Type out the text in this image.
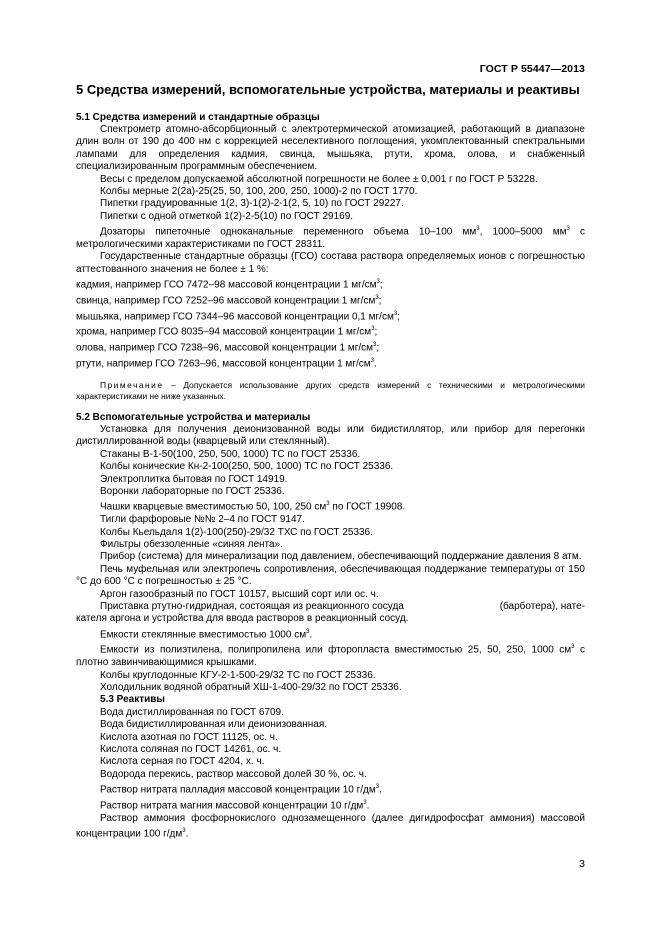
ГОСТ Р 55447—2013
5 Средства измерений, вспомогательные устройства, материалы и реактивы
5.1 Средства измерений и стандартные образцы
Спектрометр атомно-абсорбционный с электротермической атомизацией, работающий в диапазоне длин волн от 190 до 400 нм с коррекцией неселективного поглощения, укомплектованный спектральными лампами для определения кадмия, свинца, мышьяка, ртути, хрома, олова, и снабженный специализированным программным обеспечением.
Весы с пределом допускаемой абсолютной погрешности не более ± 0,001 г по ГОСТ Р 53228.
Колбы мерные 2(2а)-25(25, 50, 100, 200, 250, 1000)-2 по ГОСТ 1770.
Пипетки градуированные 1(2, 3)-1(2)-2-1(2, 5, 10) по ГОСТ 29227.
Пипетки с одной отметкой 1(2)-2-5(10) по ГОСТ 29169.
Дозаторы пипеточные одноканальные переменного объема 10–100 $мм^3$, 1000–5000 $мм^3$ с метрологическими характеристиками по ГОСТ 28311.
Государственные стандартные образцы (ГСО) состава раствора определяемых ионов с погрешностью аттестованного значения не более ± 1 %:
кадмия, например ГСО 7472–98 массовой концентрации 1 $мг/см^3$;
свинца, например ГСО 7252–96 массовой концентрации 1 $мг/см^3$;
мышьяка, например ГСО 7344–96 массовой концентрации 0,1 $мг/см^3$;
хрома, например ГСО 8035–94 массовой концентрации 1 $мг/см^3$;
олова, например ГСО 7238–96, массовой концентрации 1 $мг/см^3$;
ртути, например ГСО 7263–96, массовой концентрации 1 $мг/см^3$.
Примечание – Допускается использование других средств измерений с техническими и метрологическими характеристиками не ниже указанных.
5.2 Вспомогательные устройства и материалы
Установка для получения деионизованной воды или бидистиллятор, или прибор для перегонки дистиллированной воды (кварцевый или стеклянный).
Стаканы В-1-50(100, 250, 500, 1000) ТС по ГОСТ 25336.
Колбы конические Кн-2-100(250, 500, 1000) ТС по ГОСТ 25336.
Электроплитка бытовая по ГОСТ 14919.
Воронки лабораторные по ГОСТ 25336.
Чашки кварцевые вместимостью 50, 100, 250 $см^3$ по ГОСТ 19908.
Тигли фарфоровые №№ 2–4 по ГОСТ 9147.
Колбы Кьельдаля 1(2)-100(250)-29/32 ТХС по ГОСТ 25336.
Фильтры обеззоленные «синяя лента».
Прибор (система) для минерализации под давлением, обеспечивающий поддержание давления 8 атм.
Печь муфельная или электропечь сопротивления, обеспечивающая поддержание температуры от 150 °С до 600 °С с погрешностью ± 25 °С.
Аргон газообразный по ГОСТ 10157, высший сорт или ос. ч.
Приставка ртутно-гидридная, состоящая из реакционного сосуда	(барботера), нате-
кателя аргона и устройства для ввода растворов в реакционный сосуд.
Емкости стеклянные вместимостью 1000 $см^3$.
Емкости из полиэтилена, полипропилена или фторопласта вместимостью 25, 50, 250, 1000 $см^3$ с плотно завинчивающимися крышками.
Колбы круглодонные КГУ-2-1-500-29/32 ТС по ГОСТ 25336.
Холодильник водяной обратный ХШ-1-400-29/32 по ГОСТ 25336.
5.3 Реактивы
Вода дистиллированная по ГОСТ 6709.
Вода бидистиллированная или деионизованная.
Кислота азотная по ГОСТ 11125, ос. ч.
Кислота соляная по ГОСТ 14261, ос. ч.
Кислота серная по ГОСТ 4204, х. ч.
Водорода перекись, раствор массовой долей 30 %, ос. ч.
Раствор нитрата палладия массовой концентрации 10 $г/дм^3$.
Раствор нитрата магния массовой концентрации 10 $г/дм^3$.
Раствор аммония фосфорнокислого однозамещенного (далее дигидрофосфат аммония) массовой концентрации 100 $г/дм^3$.
3
